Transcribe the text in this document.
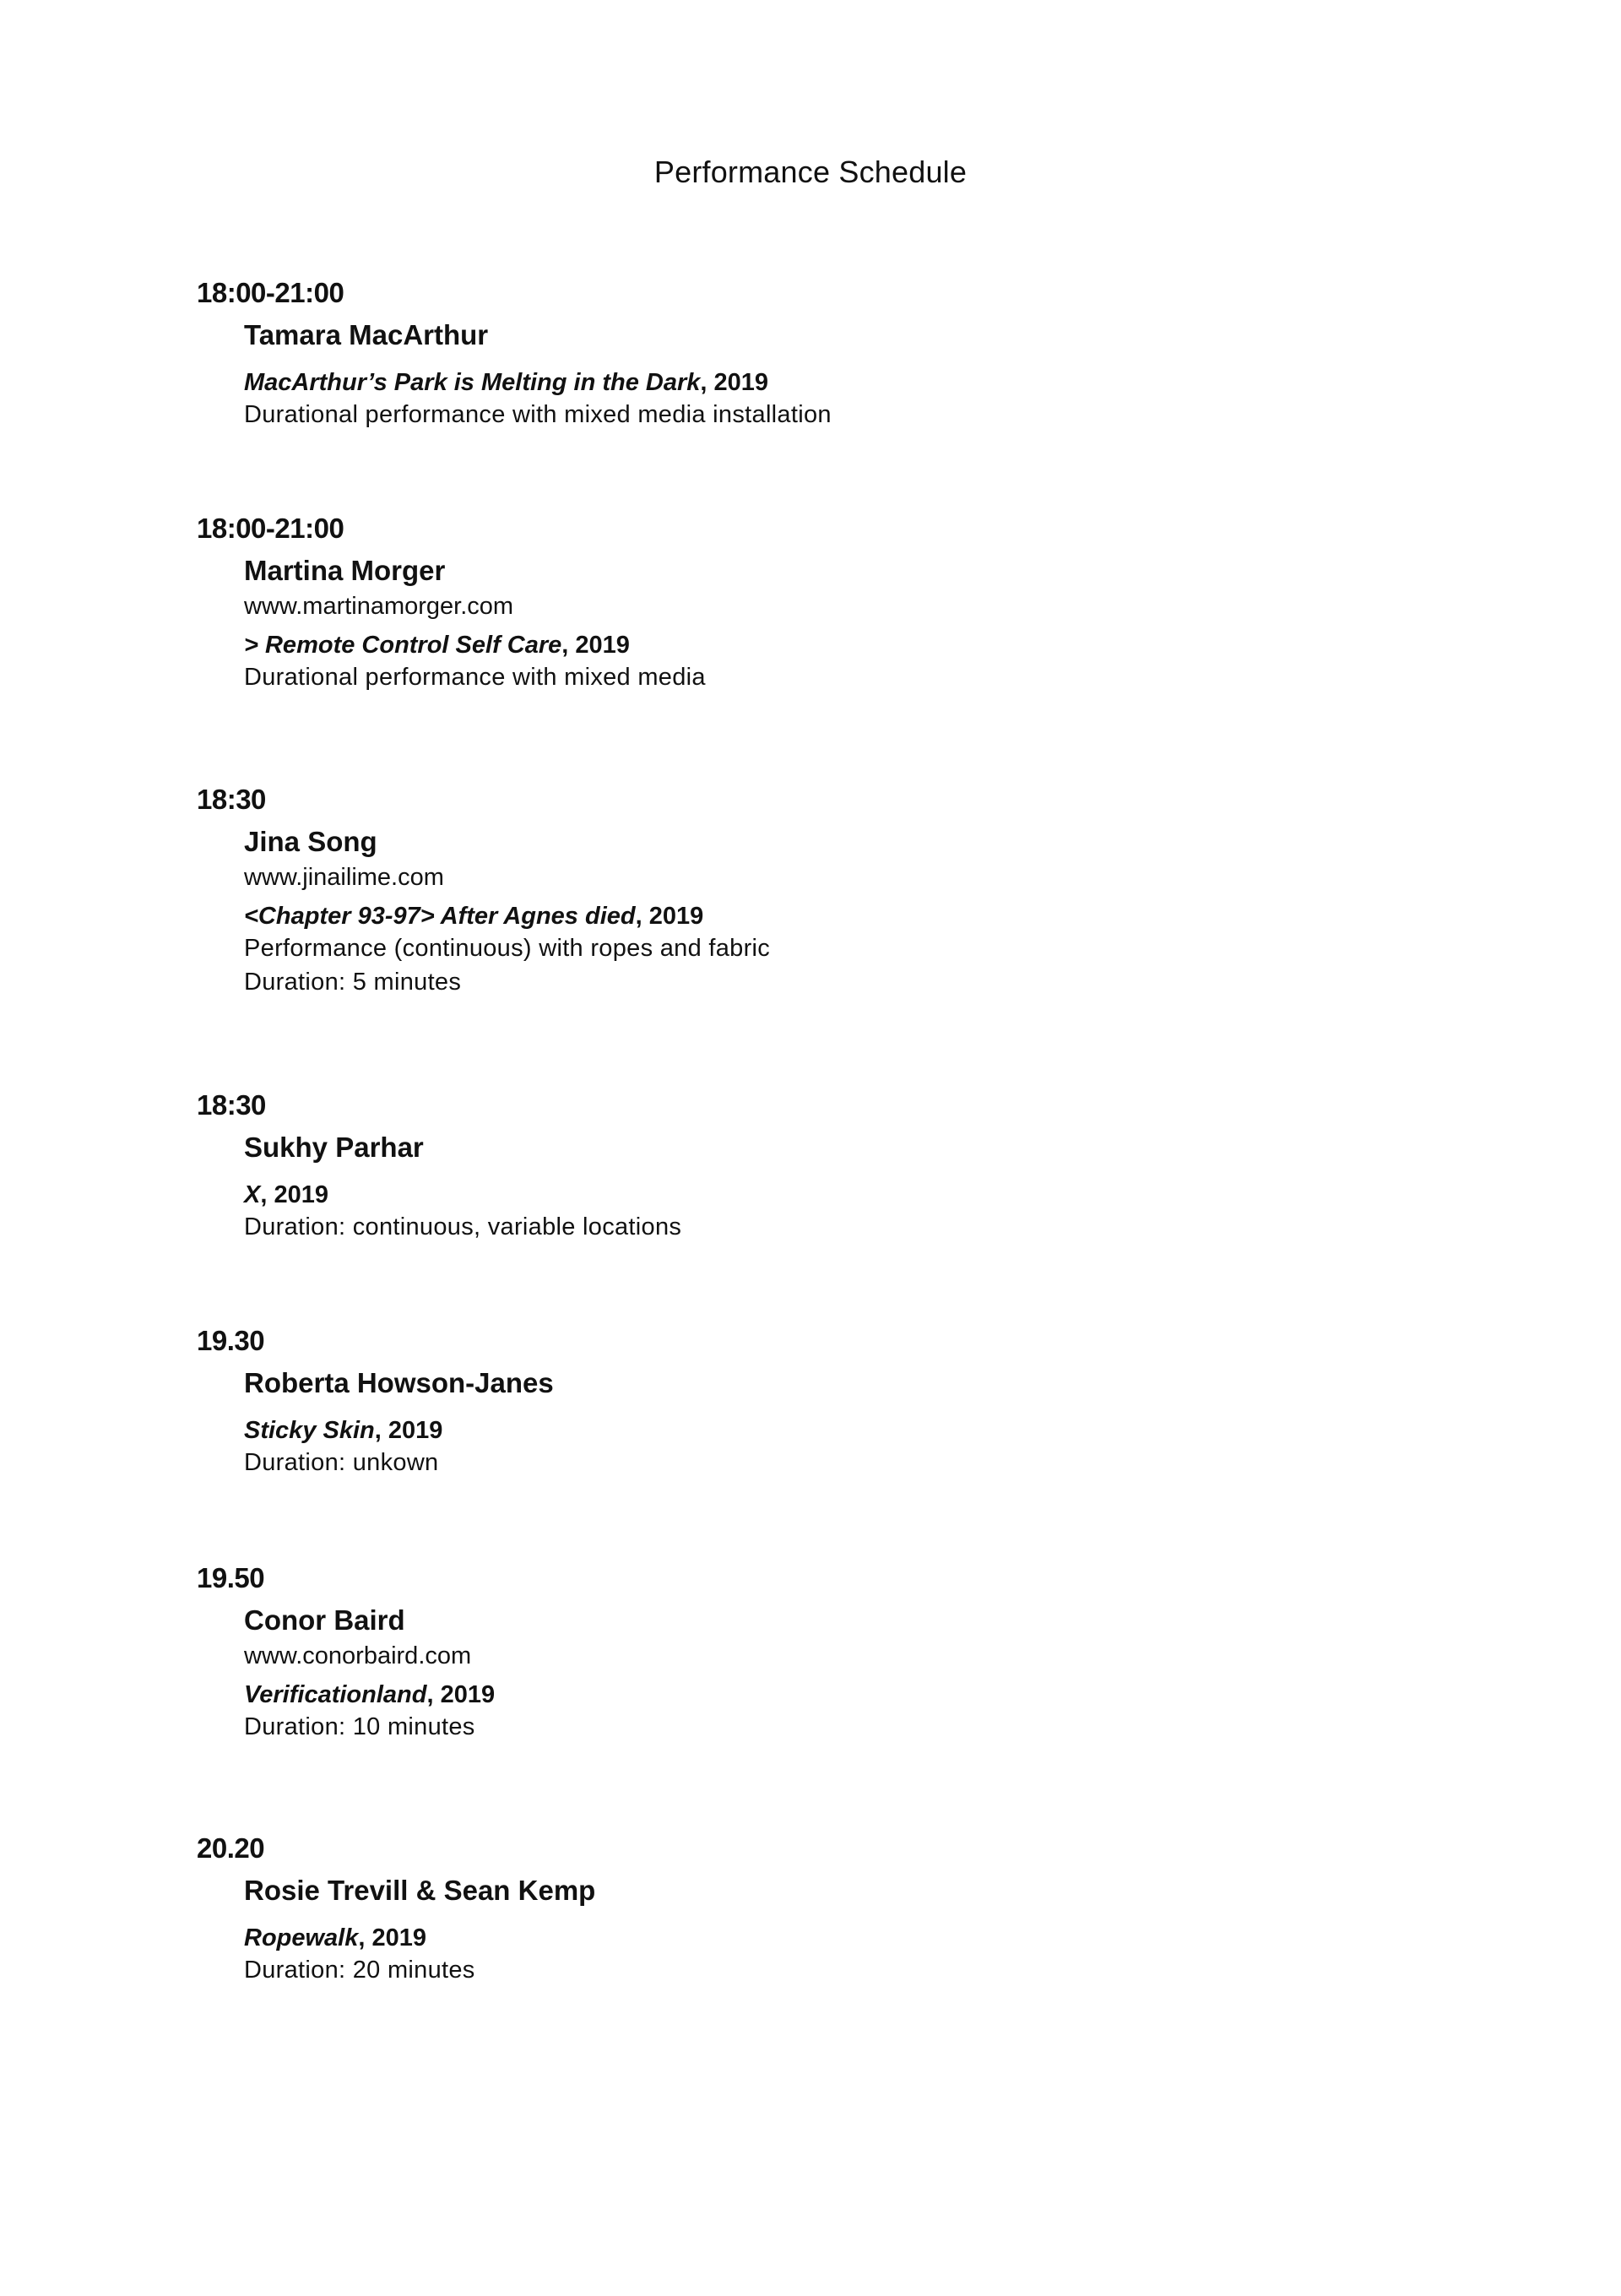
Performance Schedule
18:00-21:00
Tamara MacArthur
MacArthur’s Park is Melting in the Dark, 2019
Durational performance with mixed media installation
18:00-21:00
Martina Morger
www.martinamorger.com
> Remote Control Self Care, 2019
Durational performance with mixed media
18:30
Jina Song
www.jinailime.com
<Chapter 93-97> After Agnes died, 2019
Performance (continuous) with ropes and fabric
Duration: 5 minutes
18:30
Sukhy Parhar
X, 2019
Duration: continuous, variable locations
19.30
Roberta Howson-Janes
Sticky Skin, 2019
Duration: unkown
19.50
Conor Baird
www.conorbaird.com
Verificationland, 2019
Duration: 10 minutes
20.20
Rosie Trevill & Sean Kemp
Ropewalk, 2019
Duration: 20 minutes
